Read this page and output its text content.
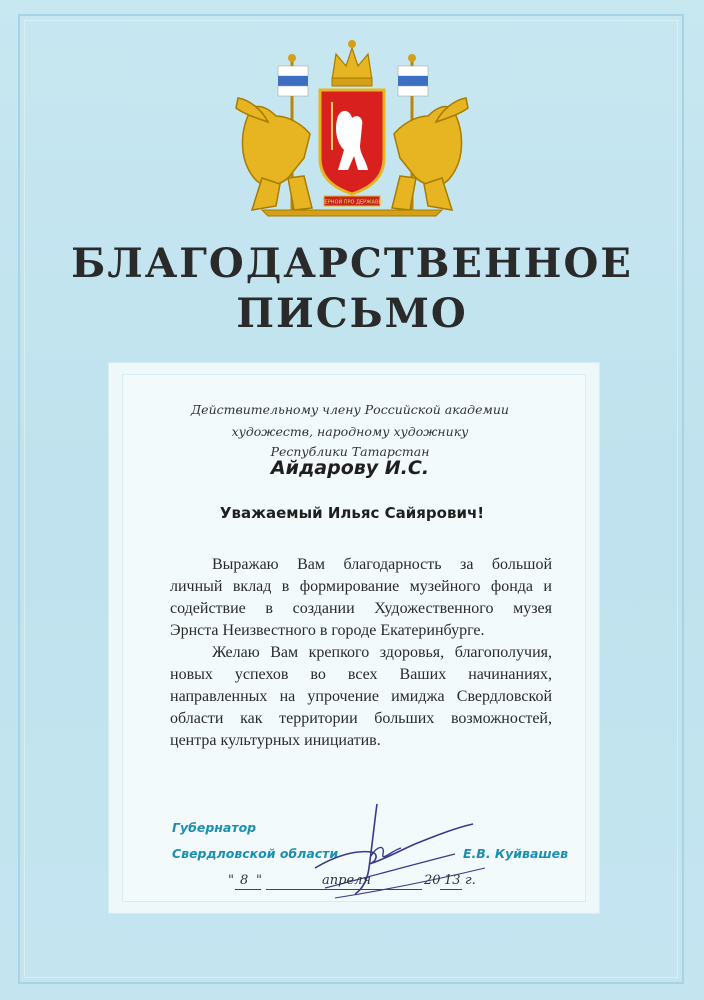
ВЕРНОЙ ПРО ДЕРЖАВЫ
БЛАГОДАРСТВЕННОЕ
ПИСЬМО
Действительному члену Российской академии
художеств, народному художнику
Республики Татарстан
Айдарову И.С.
Уважаемый Ильяс Сайярович!
Выражаю Вам благодарность за большой
личный вклад в формирование музейного фонда и
содействие в создании Художественного музея
Эрнста Неизвестного в городе Екатеринбурге.
Желаю Вам крепкого здоровья, благополучия,
новых успехов во всех Ваших начинаниях,
направленных на упрочение имиджа Свердловской
области как территории больших возможностей,
центра культурных инициатив.
Губернатор
Свердловской области	Е.В. Куйвашев
" 8 "	апреля	20 13 г.
